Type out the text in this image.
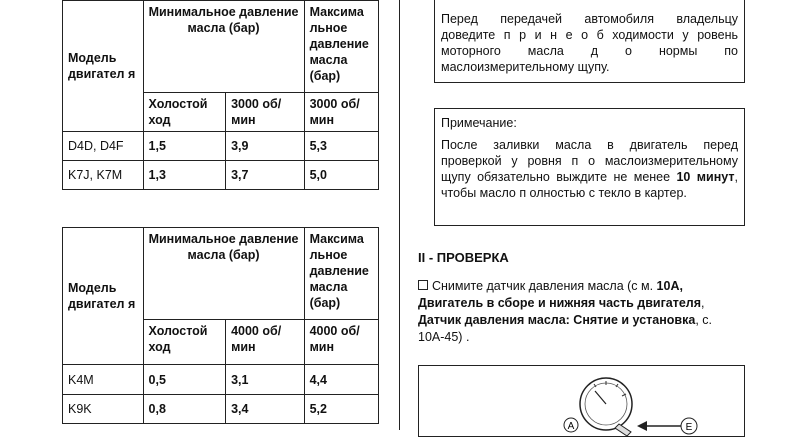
Модель двигател я	Минимальное давление масла (бар)		Максима льное давление масла (бар)
	Холостой ход	3000 об/ мин	3000 об/ мин
D4D, D4F	1,5	3,9	5,3
K7J, K7M	1,3	3,7	5,0
Модель двигател я	Минимальное давление масла (бар)		Максима льное давление масла (бар)
	Холостой ход	4000 об/ мин	4000 об/ мин
K4M	0,5	3,1	4,4
K9K	0,8	3,4	5,2

Перед передачей автомобиля владельцу доведите п р и н е о б ходимости у ровень моторного масла д о нормы по маслоизмерительному щупу.

Примечание:

После заливки масла в двигатель перед проверкой у ровня п о маслоизмерительному щупу обязательно выждите не менее 10 минут, чтобы масло п олностью с текло в картер.

II - ПРОВЕРКА
Снимите датчик давления масла (с м. 10A, Двигатель в сборе и нижняя часть двигателя, Датчик давления масла: Снятие и установка, с. 10A-45) .
A	E
